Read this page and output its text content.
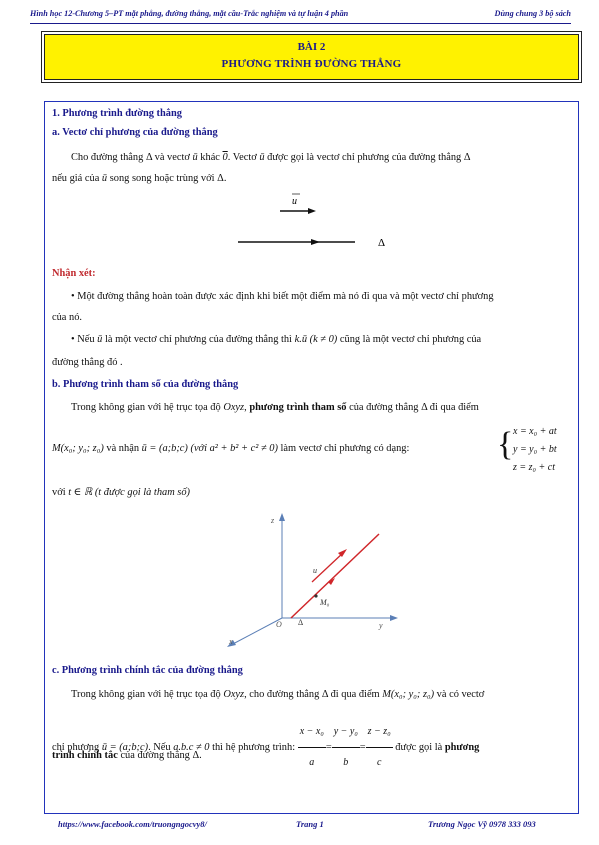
Hình học 12-Chương 5–PT mặt phẳng, đường thẳng, mặt cầu-Trắc nghiệm và tự luận 4 phần	Dùng chung 3 bộ sách
BÀI 2
PHƯƠNG TRÌNH ĐƯỜNG THẲNG
1. Phương trình đường thẳng
a. Vectơ chỉ phương của đường thẳng
Cho đường thẳng Δ và vectơ ū khác 0. Vectơ ū được gọi là vectơ chỉ phương của đường thẳng Δ
nếu giá của ū song song hoặc trùng với Δ.
u
Δ
Nhận xét:
• Một đường thẳng hoàn toàn được xác định khi biết một điểm mà nó đi qua và một vectơ chỉ phương
của nó.
• Nếu ū là một vectơ chỉ phương của đường thẳng thì k.ū (k ≠ 0) cũng là một vectơ chỉ phương của
đường thẳng đó .
b. Phương trình tham số của đường thẳng
Trong không gian với hệ trục tọa độ Oxyz, phương trình tham số của đường thẳng Δ đi qua điểm
M(x₀; y₀; z₀) và nhận ū = (a;b;c) (với a² + b² + c² ≠ 0) làm vectơ chỉ phương có dạng:	{ x = x₀ + at
y = y₀ + bt
z = z₀ + ct
với t ∈ ℝ (t được gọi là tham số)
z
y
x
O
u
M₀
Δ
c. Phương trình chính tắc của đường thẳng
Trong không gian với hệ trục tọa độ Oxyz, cho đường thẳng Δ đi qua điểm M(x₀; y₀; z₀) và có vectơ
chỉ phương ū = (a;b;c). Nếu a.b.c ≠ 0 thì hệ phương trình: $\frac{\text{x − x₀}}{a} = \frac{\text{y − y₀}}{b} = \frac{\text{z − z₀}}{c}$ được gọi là phương
trình chính tắc của đường thẳng Δ.
https://www.facebook.com/truongngocvy8/	Trang 1	Trương Ngọc Vỹ 0978 333 093
